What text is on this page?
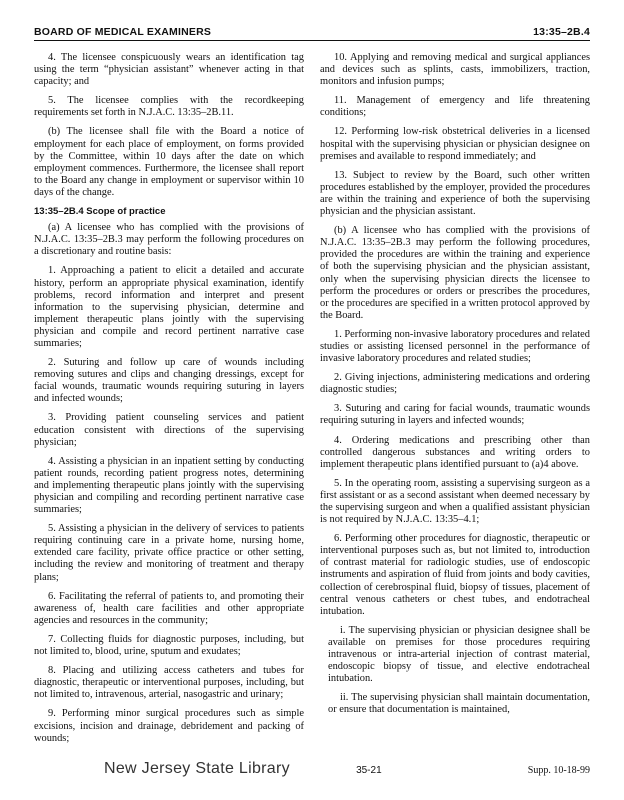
BOARD OF MEDICAL EXAMINERS	13:35–2B.4

4. The licensee conspicuously wears an identification tag using the term “physician assistant” whenever acting in that capacity; and

5. The licensee complies with the recordkeeping requirements set forth in N.J.A.C. 13:35–2B.11.

(b) The licensee shall file with the Board a notice of employment for each place of employment, on forms provided by the Committee, within 10 days after the date on which employment commences. Furthermore, the licensee shall report to the Board any change in employment or supervisor within 10 days of the change.

13:35–2B.4 Scope of practice

(a) A licensee who has complied with the provisions of N.J.A.C. 13:35–2B.3 may perform the following procedures on a discretionary and routine basis:

1. Approaching a patient to elicit a detailed and accurate history, perform an appropriate physical examination, identify problems, record information and interpret and present information to the supervising physician, determine and implement therapeutic plans jointly with the supervising physician and compile and record pertinent narrative case summaries;

2. Suturing and follow up care of wounds including removing sutures and clips and changing dressings, except for facial wounds, traumatic wounds requiring suturing in layers and infected wounds;

3. Providing patient counseling services and patient education consistent with directions of the supervising physician;

4. Assisting a physician in an inpatient setting by conducting patient rounds, recording patient progress notes, determining and implementing therapeutic plans jointly with the supervising physician and compiling and recording pertinent narrative case summaries;

5. Assisting a physician in the delivery of services to patients requiring continuing care in a private home, nursing home, extended care facility, private office practice or other setting, including the review and monitoring of treatment and therapy plans;

6. Facilitating the referral of patients to, and promoting their awareness of, health care facilities and other appropriate agencies and resources in the community;

7. Collecting fluids for diagnostic purposes, including, but not limited to, blood, urine, sputum and exudates;

8. Placing and utilizing access catheters and tubes for diagnostic, therapeutic or interventional purposes, including, but not limited to, intravenous, arterial, nasogastric and urinary;

9. Performing minor surgical procedures such as simple excisions, incision and drainage, debridement and packing of wounds;

10. Applying and removing medical and surgical appliances and devices such as splints, casts, immobilizers, traction, monitors and infusion pumps;

11. Management of emergency and life threatening conditions;

12. Performing low-risk obstetrical deliveries in a licensed hospital with the supervising physician or physician designee on premises and available to respond immediately; and

13. Subject to review by the Board, such other written procedures established by the employer, provided the procedures are within the training and experience of both the supervising physician and the physician assistant.

(b) A licensee who has complied with the provisions of N.J.A.C. 13:35–2B.3 may perform the following procedures, provided the procedures are within the training and experience of both the supervising physician and the physician assistant, only when the supervising physician directs the licensee to perform the procedures or orders or prescribes the procedures, or the procedures are specified in a written protocol approved by the Board.

1. Performing non-invasive laboratory procedures and related studies or assisting licensed personnel in the performance of invasive laboratory procedures and related studies;

2. Giving injections, administering medications and ordering diagnostic studies;

3. Suturing and caring for facial wounds, traumatic wounds requiring suturing in layers and infected wounds;

4. Ordering medications and prescribing other than controlled dangerous substances and writing orders to implement therapeutic plans identified pursuant to (a)4 above.

5. In the operating room, assisting a supervising surgeon as a first assistant or as a second assistant when deemed necessary by the supervising surgeon and when a qualified assistant physician is not required by N.J.A.C. 13:35–4.1;

6. Performing other procedures for diagnostic, therapeutic or interventional purposes such as, but not limited to, introduction of contrast material for radiologic studies, use of endoscopic instruments and aspiration of fluid from joints and body cavities, collection of cerebrospinal fluid, biopsy of tissues, placement of central venous catheters or chest tubes, and endotracheal intubation.

i. The supervising physician or physician designee shall be available on premises for those procedures requiring intravenous or intra-arterial injection of contrast material, endoscopic biopsy of tissue, and elective endotracheal intubation.

ii. The supervising physician shall maintain documentation, or ensure that documentation is maintained,

New Jersey State Library	35-21	Supp. 10-18-99
